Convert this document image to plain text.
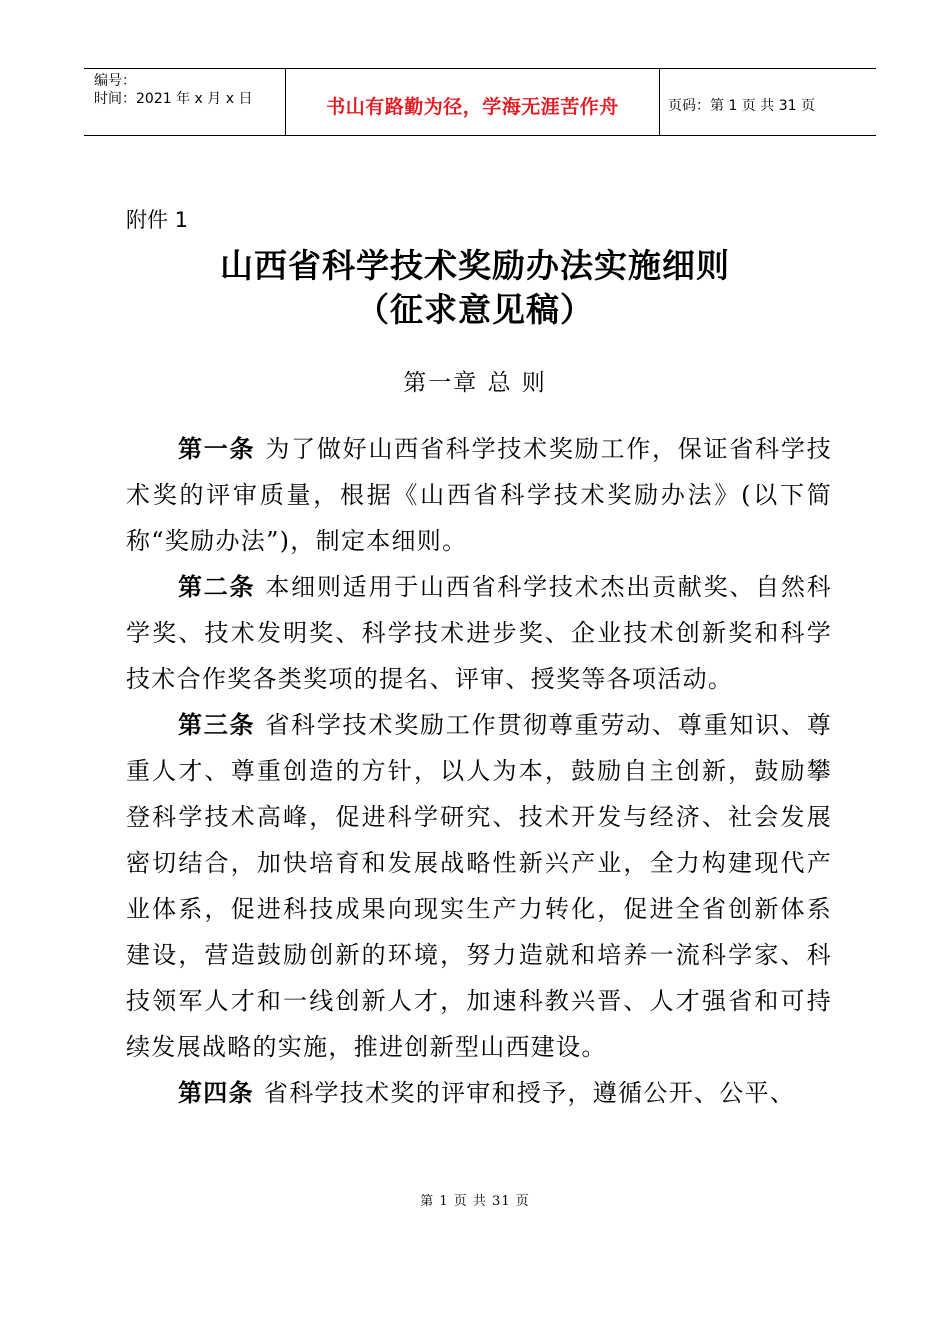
编号：
时间：2021 年 x 月 x 日	书山有路勤为径，学海无涯苦作舟	页码：第 1 页 共 31 页
附件 1
山西省科学技术奖励办法实施细则
（征求意见稿）
第一章 总 则

第一条 为了做好山西省科学技术奖励工作，保证省科学技术奖的评审质量，根据《山西省科学技术奖励办法》(以下简称“奖励办法”)，制定本细则。

第二条 本细则适用于山西省科学技术杰出贡献奖、自然科学奖、技术发明奖、科学技术进步奖、企业技术创新奖和科学技术合作奖各类奖项的提名、评审、授奖等各项活动。

第三条 省科学技术奖励工作贯彻尊重劳动、尊重知识、尊重人才、尊重创造的方针，以人为本，鼓励自主创新，鼓励攀登科学技术高峰，促进科学研究、技术开发与经济、社会发展密切结合，加快培育和发展战略性新兴产业，全力构建现代产业体系，促进科技成果向现实生产力转化，促进全省创新体系建设，营造鼓励创新的环境，努力造就和培养一流科学家、科技领军人才和一线创新人才，加速科教兴晋、人才强省和可持续发展战略的实施，推进创新型山西建设。

第四条 省科学技术奖的评审和授予，遵循公开、公平、

第 1 页 共 31 页
